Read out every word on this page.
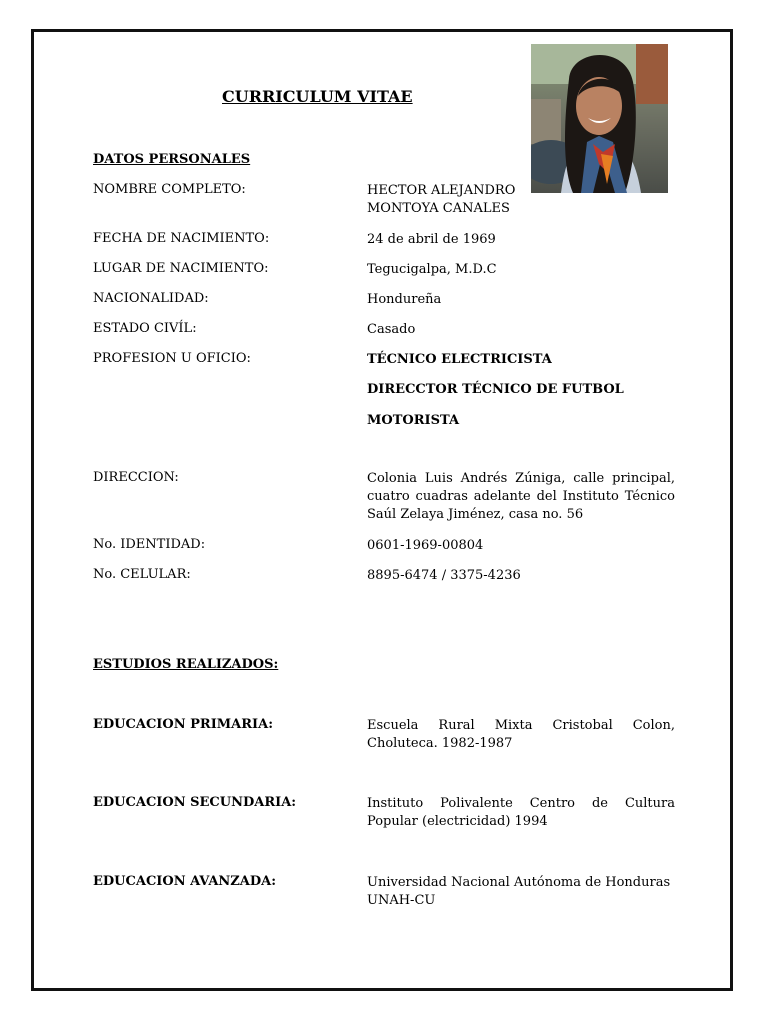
CURRICULUM VITAE
DATOS PERSONALES
NOMBRE COMPLETO:	HECTOR ALEJANDRO
MONTOYA CANALES
FECHA DE NACIMIENTO:	24 de abril de 1969
LUGAR DE NACIMIENTO:	Tegucigalpa, M.D.C
NACIONALIDAD:	Hondureña
ESTADO CIVÍL:	Casado
PROFESION U OFICIO:	TÉCNICO ELECTRICISTA
DIRECCTOR TÉCNICO DE FUTBOL
MOTORISTA
DIRECCION:	Colonia Luis Andrés Zúniga, calle principal, cuatro cuadras adelante del Instituto Técnico Saúl Zelaya Jiménez, casa no. 56
No. IDENTIDAD:	0601-1969-00804
No. CELULAR:	8895-6474 / 3375-4236
ESTUDIOS REALIZADOS:
EDUCACION PRIMARIA:	Escuela Rural Mixta Cristobal Colon, Choluteca. 1982-1987
EDUCACION SECUNDARIA:	Instituto Polivalente Centro de Cultura Popular (electricidad) 1994
EDUCACION AVANZADA:	Universidad Nacional Autónoma de Honduras
UNAH-CU
